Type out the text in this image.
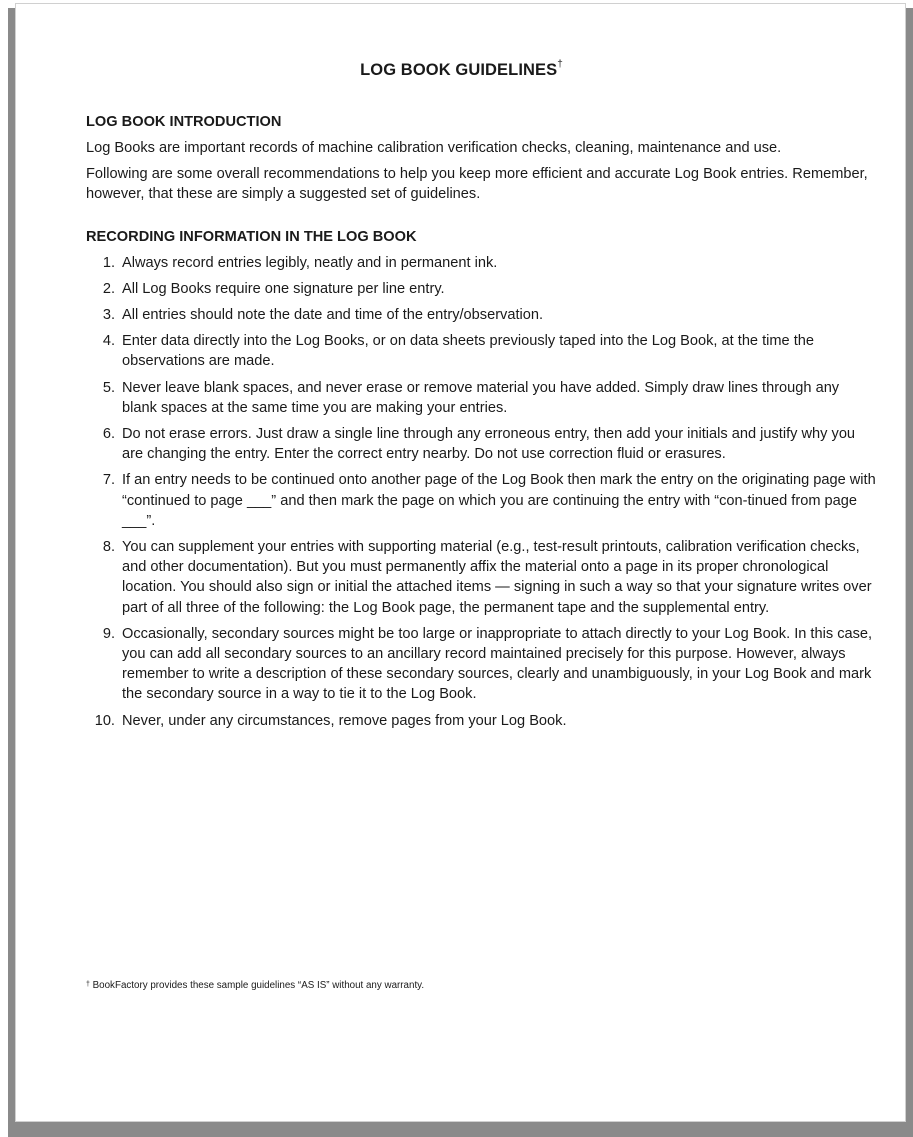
LOG BOOK GUIDELINES†
LOG BOOK INTRODUCTION

Log Books are important records of machine calibration verification checks, cleaning, maintenance and use.

Following are some overall recommendations to help you keep more efficient and accurate Log Book entries. Remember, however, that these are simply a suggested set of guidelines.

RECORDING INFORMATION IN THE LOG BOOK
1. Always record entries legibly, neatly and in permanent ink.
2. All Log Books require one signature per line entry.
3. All entries should note the date and time of the entry/observation.
4. Enter data directly into the Log Books, or on data sheets previously taped into the Log Book, at the time the observations are made.
5. Never leave blank spaces, and never erase or remove material you have added. Simply draw lines through any blank spaces at the same time you are making your entries.
6. Do not erase errors. Just draw a single line through any erroneous entry, then add your initials and justify why you are changing the entry. Enter the correct entry nearby. Do not use correction fluid or erasures.
7. If an entry needs to be continued onto another page of the Log Book then mark the entry on the originating page with “continued to page ___” and then mark the page on which you are continuing the entry with “con-tinued from page ___”.
8. You can supplement your entries with supporting material (e.g., test-result printouts, calibration verification checks, and other documentation). But you must permanently affix the material onto a page in its proper chronological location. You should also sign or initial the attached items — signing in such a way so that your signature writes over part of all three of the following: the Log Book page, the permanent tape and the supplemental entry.
9. Occasionally, secondary sources might be too large or inappropriate to attach directly to your Log Book. In this case, you can add all secondary sources to an ancillary record maintained precisely for this purpose. However, always remember to write a description of these secondary sources, clearly and unambiguously, in your Log Book and mark the secondary source in a way to tie it to the Log Book.
10. Never, under any circumstances, remove pages from your Log Book.
† BookFactory provides these sample guidelines “AS IS” without any warranty.
